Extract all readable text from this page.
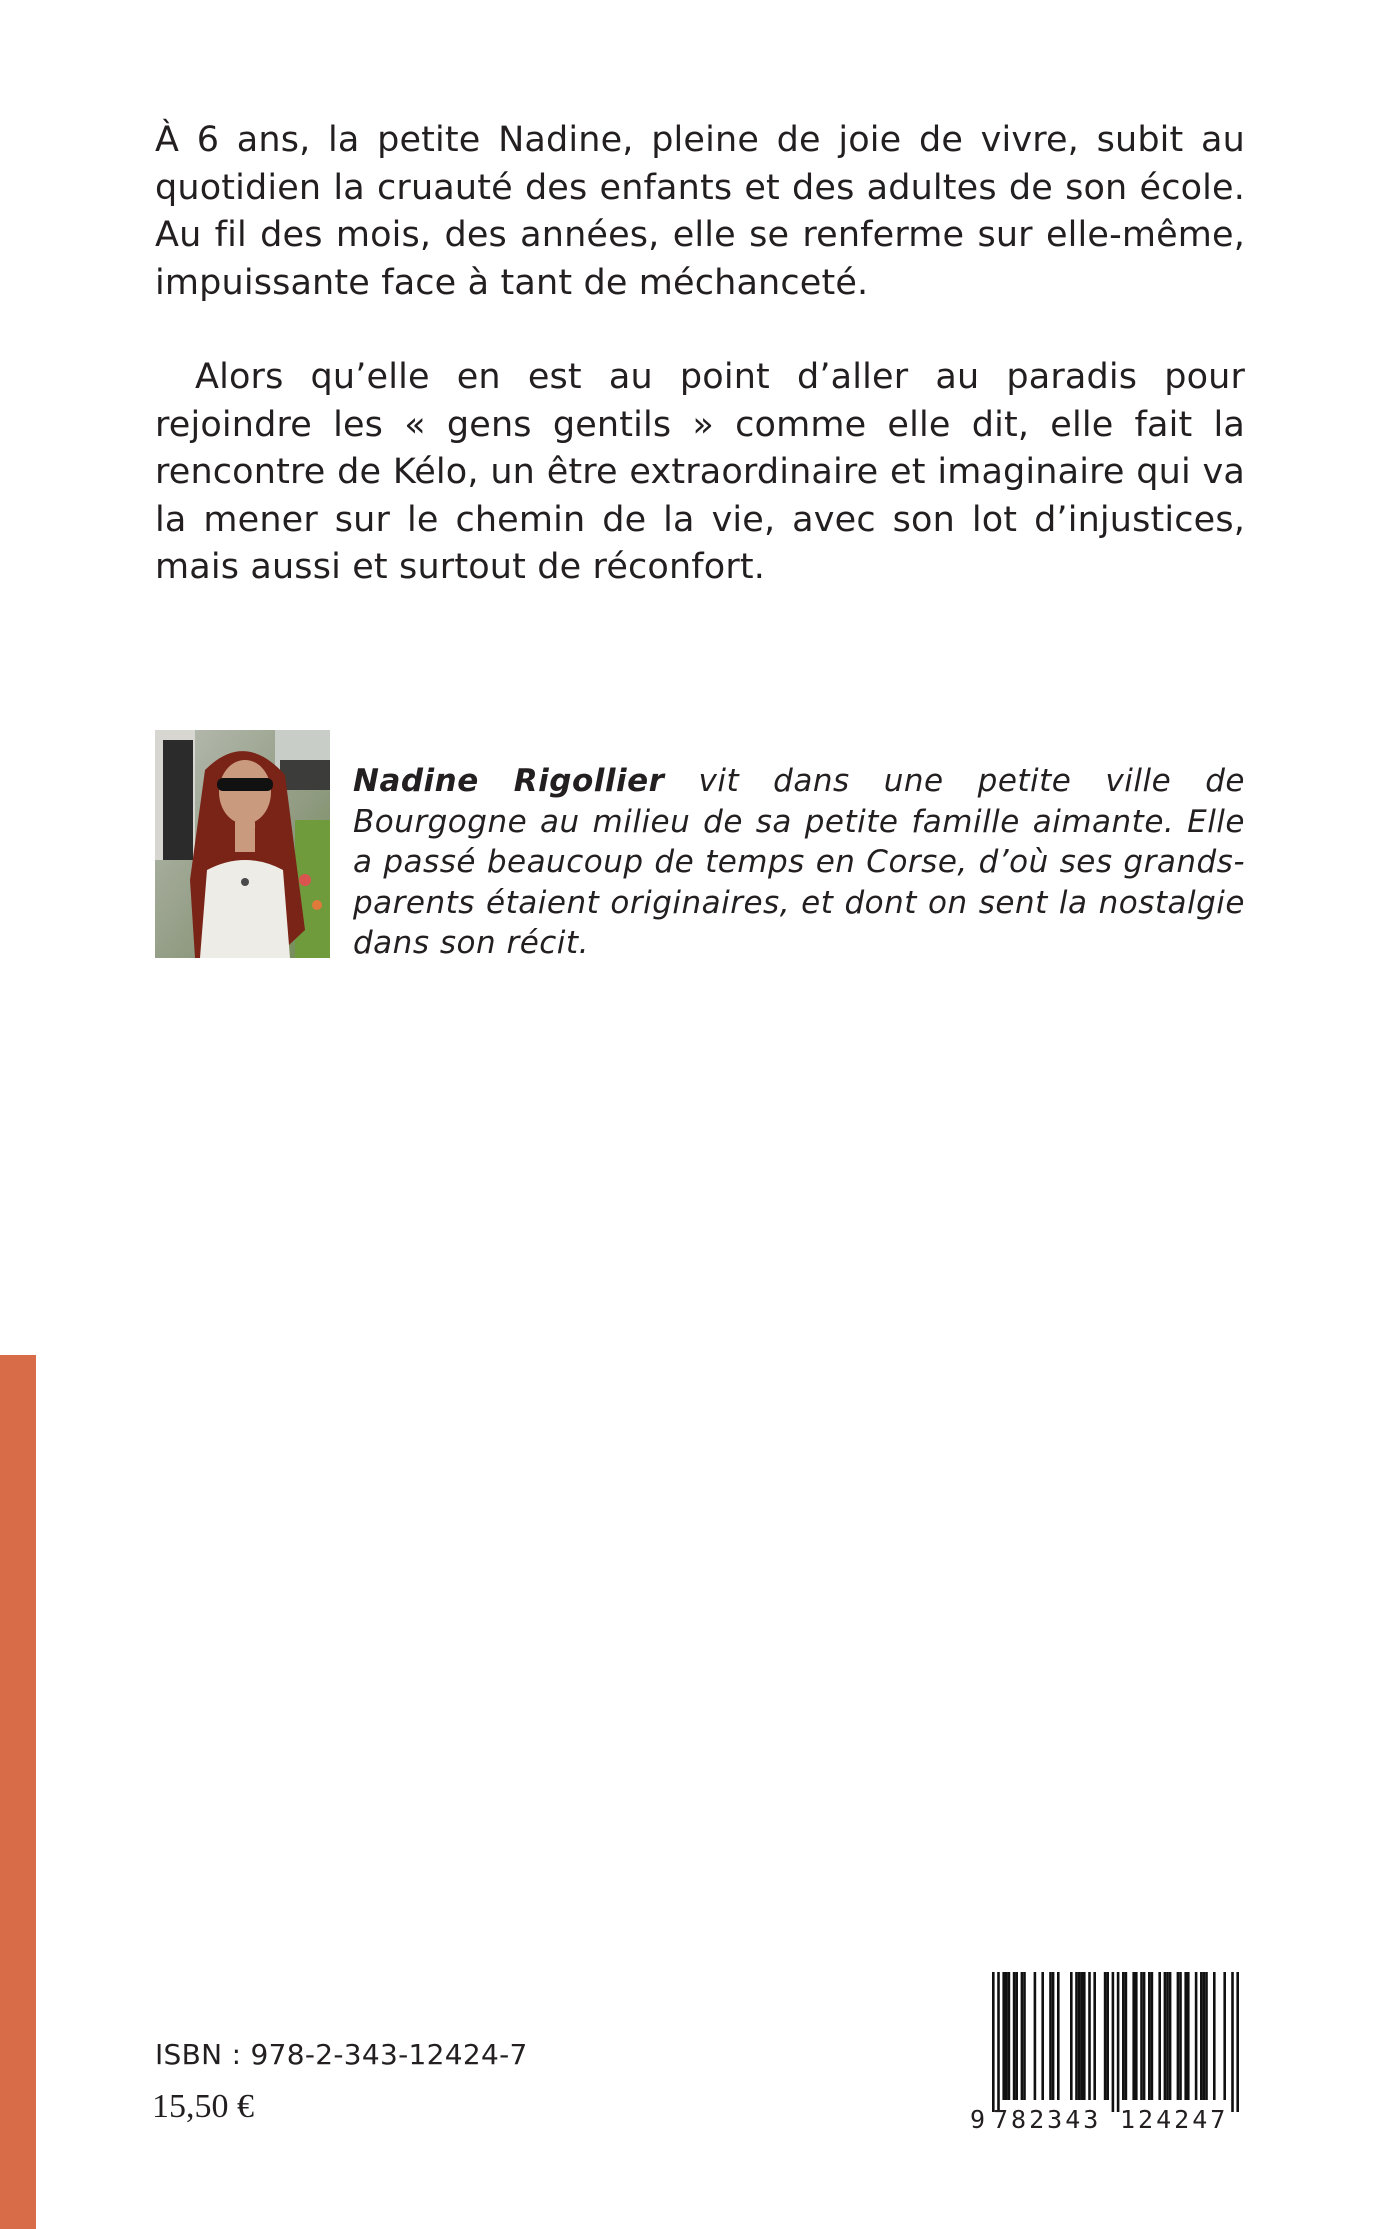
À 6 ans, la petite Nadine, pleine de joie de vivre, subit au quotidien la cruauté des enfants et des adultes de son école. Au fil des mois, des années, elle se renferme sur elle-même, impuissante face à tant de méchanceté.

Alors qu’elle en est au point d’aller au paradis pour rejoindre les « gens gentils » comme elle dit, elle fait la rencontre de Kélo, un être extraordinaire et imaginaire qui va la mener sur le chemin de la vie, avec son lot d’injustices, mais aussi et surtout de réconfort.

Nadine Rigollier vit dans une petite ville de Bourgogne au milieu de sa petite famille aimante. Elle a passé beaucoup de temps en Corse, d’où ses grands-parents étaient originaires, et dont on sent la nostalgie dans son récit.

ISBN : 978-2-343-12424-7
15,50 €	9 782343 124247
